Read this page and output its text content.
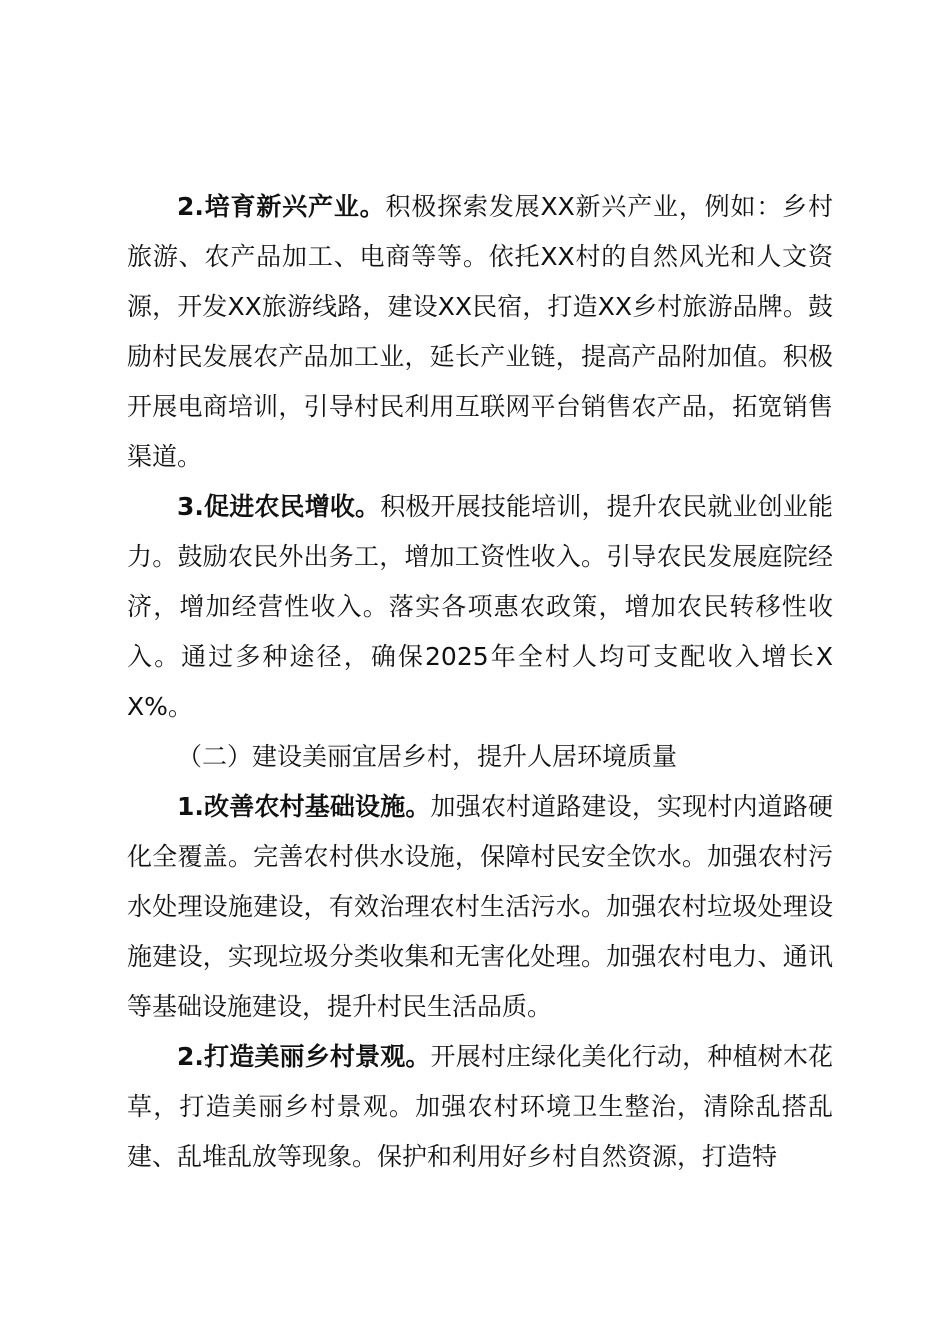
2.培育新兴产业。积极探索发展XX新兴产业，例如：乡村旅游、农产品加工、电商等等。依托XX村的自然风光和人文资源，开发XX旅游线路，建设XX民宿，打造XX乡村旅游品牌。鼓励村民发展农产品加工业，延长产业链，提高产品附加值。积极开展电商培训，引导村民利用互联网平台销售农产品，拓宽销售渠道。

3.促进农民增收。积极开展技能培训，提升农民就业创业能力。鼓励农民外出务工，增加工资性收入。引导农民发展庭院经济，增加经营性收入。落实各项惠农政策，增加农民转移性收入。通过多种途径，确保2025年全村人均可支配收入增长XX%。

（二）建设美丽宜居乡村，提升人居环境质量

1.改善农村基础设施。加强农村道路建设，实现村内道路硬化全覆盖。完善农村供水设施，保障村民安全饮水。加强农村污水处理设施建设，有效治理农村生活污水。加强农村垃圾处理设施建设，实现垃圾分类收集和无害化处理。加强农村电力、通讯等基础设施建设，提升村民生活品质。

2.打造美丽乡村景观。开展村庄绿化美化行动，种植树木花草，打造美丽乡村景观。加强农村环境卫生整治，清除乱搭乱建、乱堆乱放等现象。保护和利用好乡村自然资源，打造特
